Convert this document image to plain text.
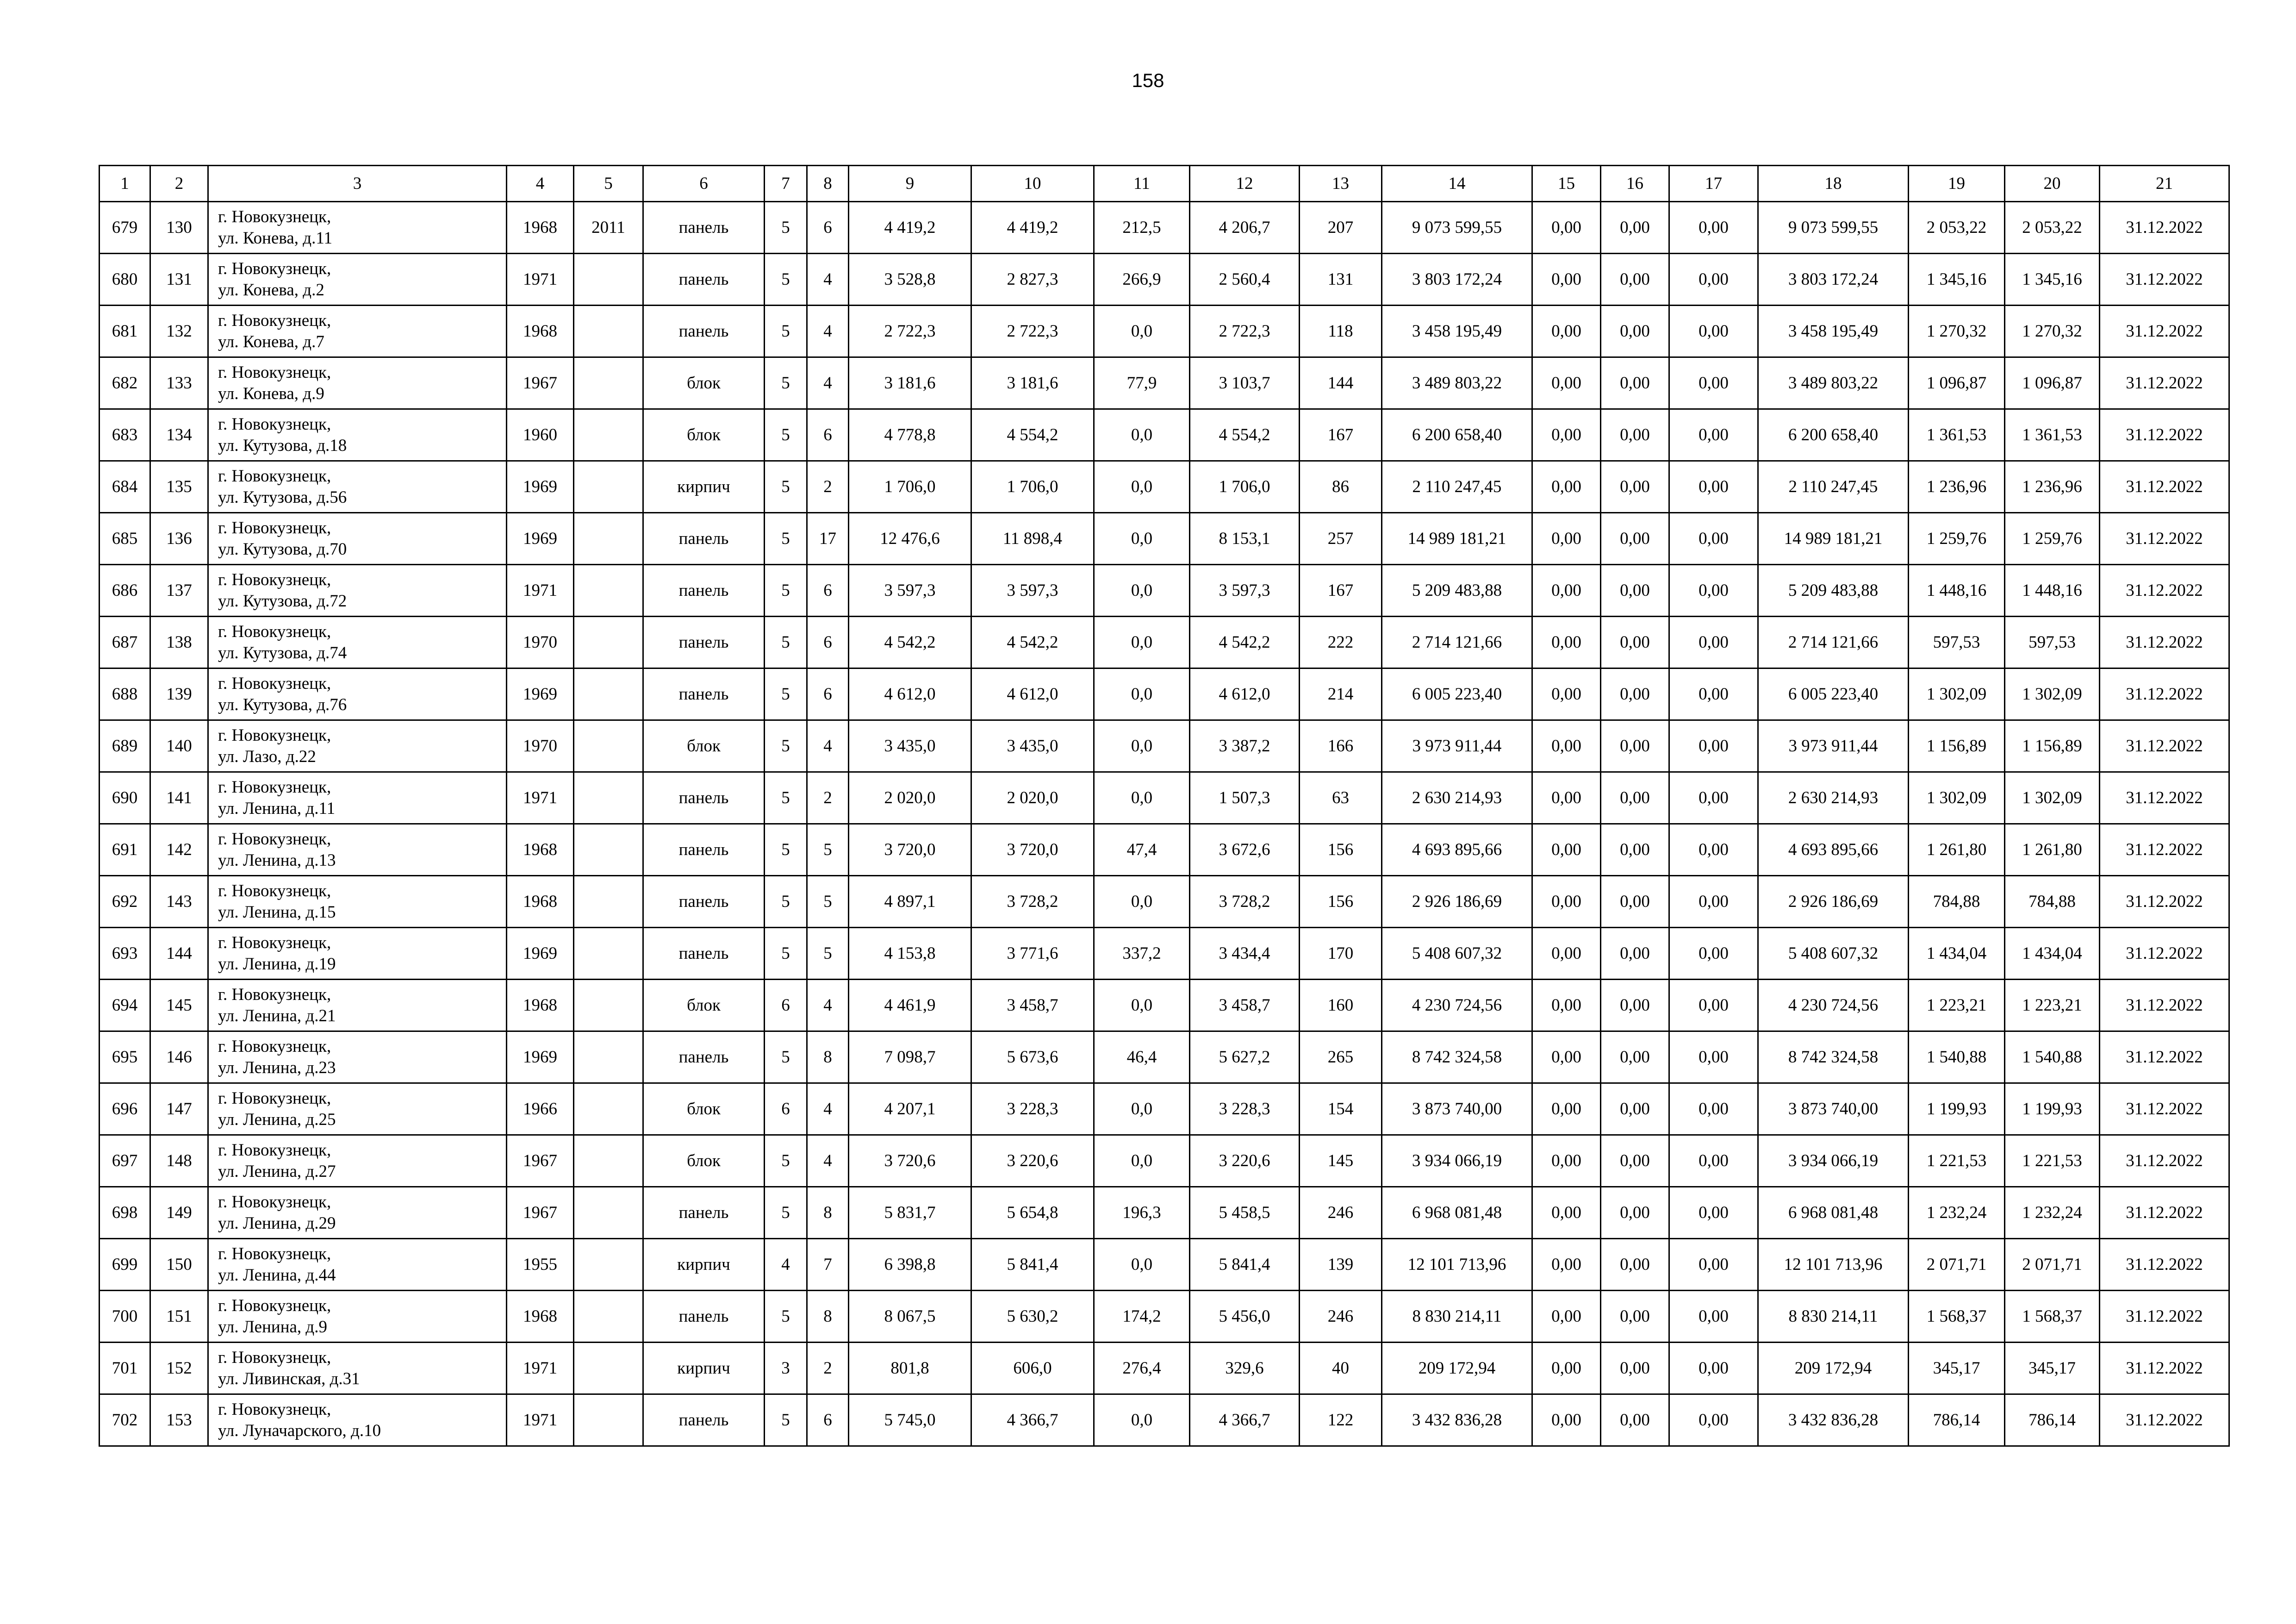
158
1	2	3	4	5	6	7	8	9	10	11	12	13	14	15	16	17	18	19	20	21
679	130	г. Новокузнецк,
ул. Конева, д.11	1968	2011	панель	5	6	4 419,2	4 419,2	212,5	4 206,7	207	9 073 599,55	0,00	0,00	0,00	9 073 599,55	2 053,22	2 053,22	31.12.2022
680	131	г. Новокузнецк,
ул. Конева, д.2	1971		панель	5	4	3 528,8	2 827,3	266,9	2 560,4	131	3 803 172,24	0,00	0,00	0,00	3 803 172,24	1 345,16	1 345,16	31.12.2022
681	132	г. Новокузнецк,
ул. Конева, д.7	1968		панель	5	4	2 722,3	2 722,3	0,0	2 722,3	118	3 458 195,49	0,00	0,00	0,00	3 458 195,49	1 270,32	1 270,32	31.12.2022
682	133	г. Новокузнецк,
ул. Конева, д.9	1967		блок	5	4	3 181,6	3 181,6	77,9	3 103,7	144	3 489 803,22	0,00	0,00	0,00	3 489 803,22	1 096,87	1 096,87	31.12.2022
683	134	г. Новокузнецк,
ул. Кутузова, д.18	1960		блок	5	6	4 778,8	4 554,2	0,0	4 554,2	167	6 200 658,40	0,00	0,00	0,00	6 200 658,40	1 361,53	1 361,53	31.12.2022
684	135	г. Новокузнецк,
ул. Кутузова, д.56	1969		кирпич	5	2	1 706,0	1 706,0	0,0	1 706,0	86	2 110 247,45	0,00	0,00	0,00	2 110 247,45	1 236,96	1 236,96	31.12.2022
685	136	г. Новокузнецк,
ул. Кутузова, д.70	1969		панель	5	17	12 476,6	11 898,4	0,0	8 153,1	257	14 989 181,21	0,00	0,00	0,00	14 989 181,21	1 259,76	1 259,76	31.12.2022
686	137	г. Новокузнецк,
ул. Кутузова, д.72	1971		панель	5	6	3 597,3	3 597,3	0,0	3 597,3	167	5 209 483,88	0,00	0,00	0,00	5 209 483,88	1 448,16	1 448,16	31.12.2022
687	138	г. Новокузнецк,
ул. Кутузова, д.74	1970		панель	5	6	4 542,2	4 542,2	0,0	4 542,2	222	2 714 121,66	0,00	0,00	0,00	2 714 121,66	597,53	597,53	31.12.2022
688	139	г. Новокузнецк,
ул. Кутузова, д.76	1969		панель	5	6	4 612,0	4 612,0	0,0	4 612,0	214	6 005 223,40	0,00	0,00	0,00	6 005 223,40	1 302,09	1 302,09	31.12.2022
689	140	г. Новокузнецк,
ул. Лазо, д.22	1970		блок	5	4	3 435,0	3 435,0	0,0	3 387,2	166	3 973 911,44	0,00	0,00	0,00	3 973 911,44	1 156,89	1 156,89	31.12.2022
690	141	г. Новокузнецк,
ул. Ленина, д.11	1971		панель	5	2	2 020,0	2 020,0	0,0	1 507,3	63	2 630 214,93	0,00	0,00	0,00	2 630 214,93	1 302,09	1 302,09	31.12.2022
691	142	г. Новокузнецк,
ул. Ленина, д.13	1968		панель	5	5	3 720,0	3 720,0	47,4	3 672,6	156	4 693 895,66	0,00	0,00	0,00	4 693 895,66	1 261,80	1 261,80	31.12.2022
692	143	г. Новокузнецк,
ул. Ленина, д.15	1968		панель	5	5	4 897,1	3 728,2	0,0	3 728,2	156	2 926 186,69	0,00	0,00	0,00	2 926 186,69	784,88	784,88	31.12.2022
693	144	г. Новокузнецк,
ул. Ленина, д.19	1969		панель	5	5	4 153,8	3 771,6	337,2	3 434,4	170	5 408 607,32	0,00	0,00	0,00	5 408 607,32	1 434,04	1 434,04	31.12.2022
694	145	г. Новокузнецк,
ул. Ленина, д.21	1968		блок	6	4	4 461,9	3 458,7	0,0	3 458,7	160	4 230 724,56	0,00	0,00	0,00	4 230 724,56	1 223,21	1 223,21	31.12.2022
695	146	г. Новокузнецк,
ул. Ленина, д.23	1969		панель	5	8	7 098,7	5 673,6	46,4	5 627,2	265	8 742 324,58	0,00	0,00	0,00	8 742 324,58	1 540,88	1 540,88	31.12.2022
696	147	г. Новокузнецк,
ул. Ленина, д.25	1966		блок	6	4	4 207,1	3 228,3	0,0	3 228,3	154	3 873 740,00	0,00	0,00	0,00	3 873 740,00	1 199,93	1 199,93	31.12.2022
697	148	г. Новокузнецк,
ул. Ленина, д.27	1967		блок	5	4	3 720,6	3 220,6	0,0	3 220,6	145	3 934 066,19	0,00	0,00	0,00	3 934 066,19	1 221,53	1 221,53	31.12.2022
698	149	г. Новокузнецк,
ул. Ленина, д.29	1967		панель	5	8	5 831,7	5 654,8	196,3	5 458,5	246	6 968 081,48	0,00	0,00	0,00	6 968 081,48	1 232,24	1 232,24	31.12.2022
699	150	г. Новокузнецк,
ул. Ленина, д.44	1955		кирпич	4	7	6 398,8	5 841,4	0,0	5 841,4	139	12 101 713,96	0,00	0,00	0,00	12 101 713,96	2 071,71	2 071,71	31.12.2022
700	151	г. Новокузнецк,
ул. Ленина, д.9	1968		панель	5	8	8 067,5	5 630,2	174,2	5 456,0	246	8 830 214,11	0,00	0,00	0,00	8 830 214,11	1 568,37	1 568,37	31.12.2022
701	152	г. Новокузнецк,
ул. Ливинская, д.31	1971		кирпич	3	2	801,8	606,0	276,4	329,6	40	209 172,94	0,00	0,00	0,00	209 172,94	345,17	345,17	31.12.2022
702	153	г. Новокузнецк,
ул. Луначарского, д.10	1971		панель	5	6	5 745,0	4 366,7	0,0	4 366,7	122	3 432 836,28	0,00	0,00	0,00	3 432 836,28	786,14	786,14	31.12.2022
